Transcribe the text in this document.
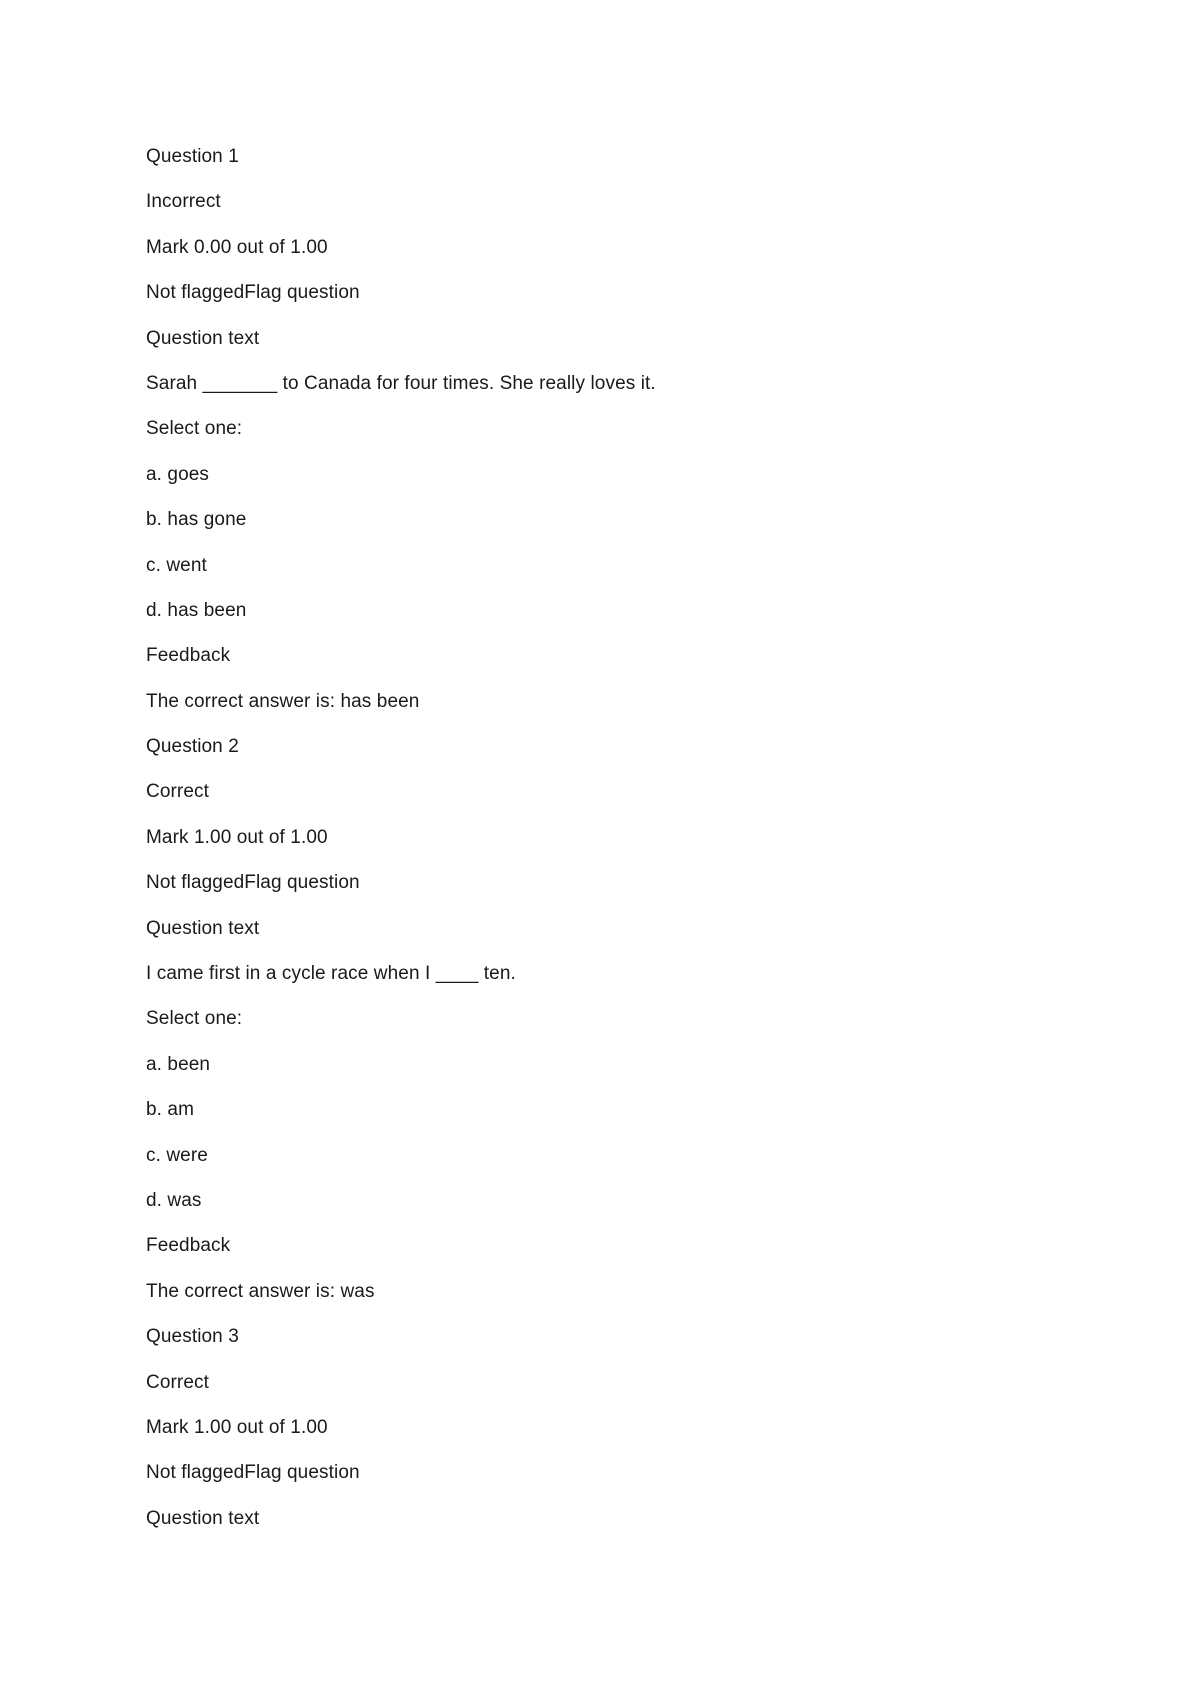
Question 1
Incorrect
Mark 0.00 out of 1.00
Not flaggedFlag question
Question text
Sarah _______ to Canada for four times. She really loves it.
Select one:
a. goes
b. has gone
c. went
d. has been
Feedback
The correct answer is: has been
Question 2
Correct
Mark 1.00 out of 1.00
Not flaggedFlag question
Question text
I came first in a cycle race when I ____ ten.
Select one:
a. been
b. am
c. were
d. was
Feedback
The correct answer is: was
Question 3
Correct
Mark 1.00 out of 1.00
Not flaggedFlag question
Question text
